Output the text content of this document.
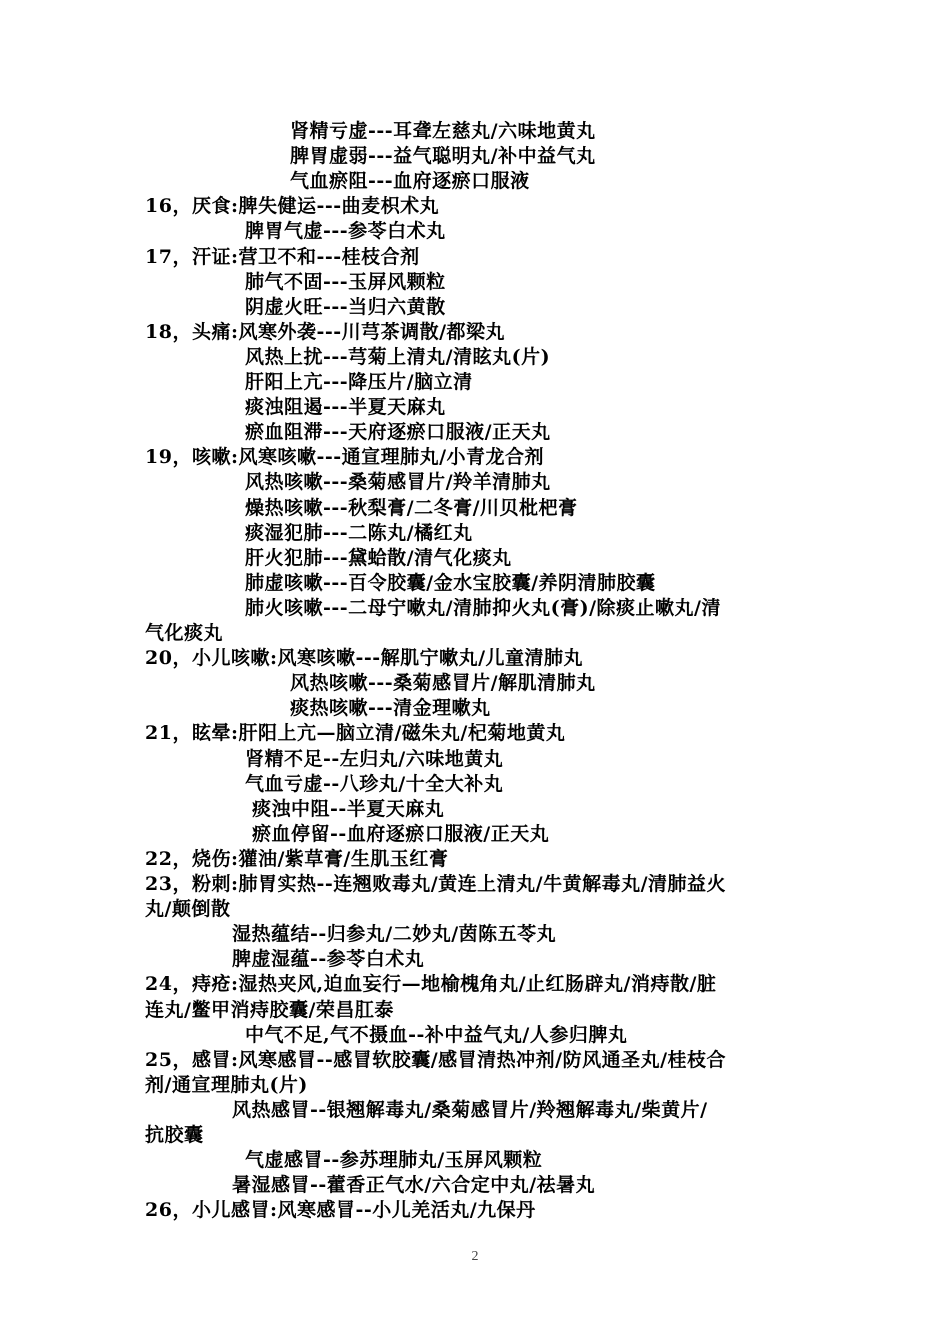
肾精亏虚---耳聋左慈丸/六味地黄丸
脾胃虚弱---益气聪明丸/补中益气丸
气血瘀阻---血府逐瘀口服液
16，厌食:脾失健运---曲麦枳术丸
脾胃气虚---参苓白术丸
17，汗证:营卫不和---桂枝合剂
肺气不固---玉屏风颗粒
阴虚火旺---当归六黄散
18，头痛:风寒外袭---川芎茶调散/都梁丸
风热上扰---芎菊上清丸/清眩丸(片)
肝阳上亢---降压片/脑立清
痰浊阻遏---半夏天麻丸
瘀血阻滞---天府逐瘀口服液/正天丸
19，咳嗽:风寒咳嗽---通宣理肺丸/小青龙合剂
风热咳嗽---桑菊感冒片/羚羊清肺丸
燥热咳嗽---秋梨膏/二冬膏/川贝枇杷膏
痰湿犯肺---二陈丸/橘红丸
肝火犯肺---黛蛤散/清气化痰丸
肺虚咳嗽---百令胶囊/金水宝胶囊/养阴清肺胶囊
肺火咳嗽---二母宁嗽丸/清肺抑火丸(膏)/除痰止嗽丸/清
气化痰丸
20，小儿咳嗽:风寒咳嗽---解肌宁嗽丸/儿童清肺丸
风热咳嗽---桑菊感冒片/解肌清肺丸
痰热咳嗽---清金理嗽丸
21，眩晕:肝阳上亢—脑立清/磁朱丸/杞菊地黄丸
肾精不足--左归丸/六味地黄丸
气血亏虚--八珍丸/十全大补丸
痰浊中阻--半夏天麻丸
瘀血停留--血府逐瘀口服液/正天丸
22，烧伤:獾油/紫草膏/生肌玉红膏
23，粉刺:肺胃实热--连翘败毒丸/黄连上清丸/牛黄解毒丸/清肺益火
丸/颠倒散
湿热蕴结--归参丸/二妙丸/茵陈五苓丸
脾虚湿蕴--参苓白术丸
24，痔疮:湿热夹风,迫血妄行—地榆槐角丸/止红肠辟丸/消痔散/脏
连丸/鳖甲消痔胶囊/荣昌肛泰
中气不足,气不摄血--补中益气丸/人参归脾丸
25，感冒:风寒感冒--感冒软胶囊/感冒清热冲剂/防风通圣丸/桂枝合
剂/通宣理肺丸(片)
风热感冒--银翘解毒丸/桑菊感冒片/羚翘解毒丸/柴黄片/
抗胶囊
气虚感冒--参苏理肺丸/玉屏风颗粒
暑湿感冒--藿香正气水/六合定中丸/祛暑丸
26，小儿感冒:风寒感冒--小儿羌活丸/九保丹
2
